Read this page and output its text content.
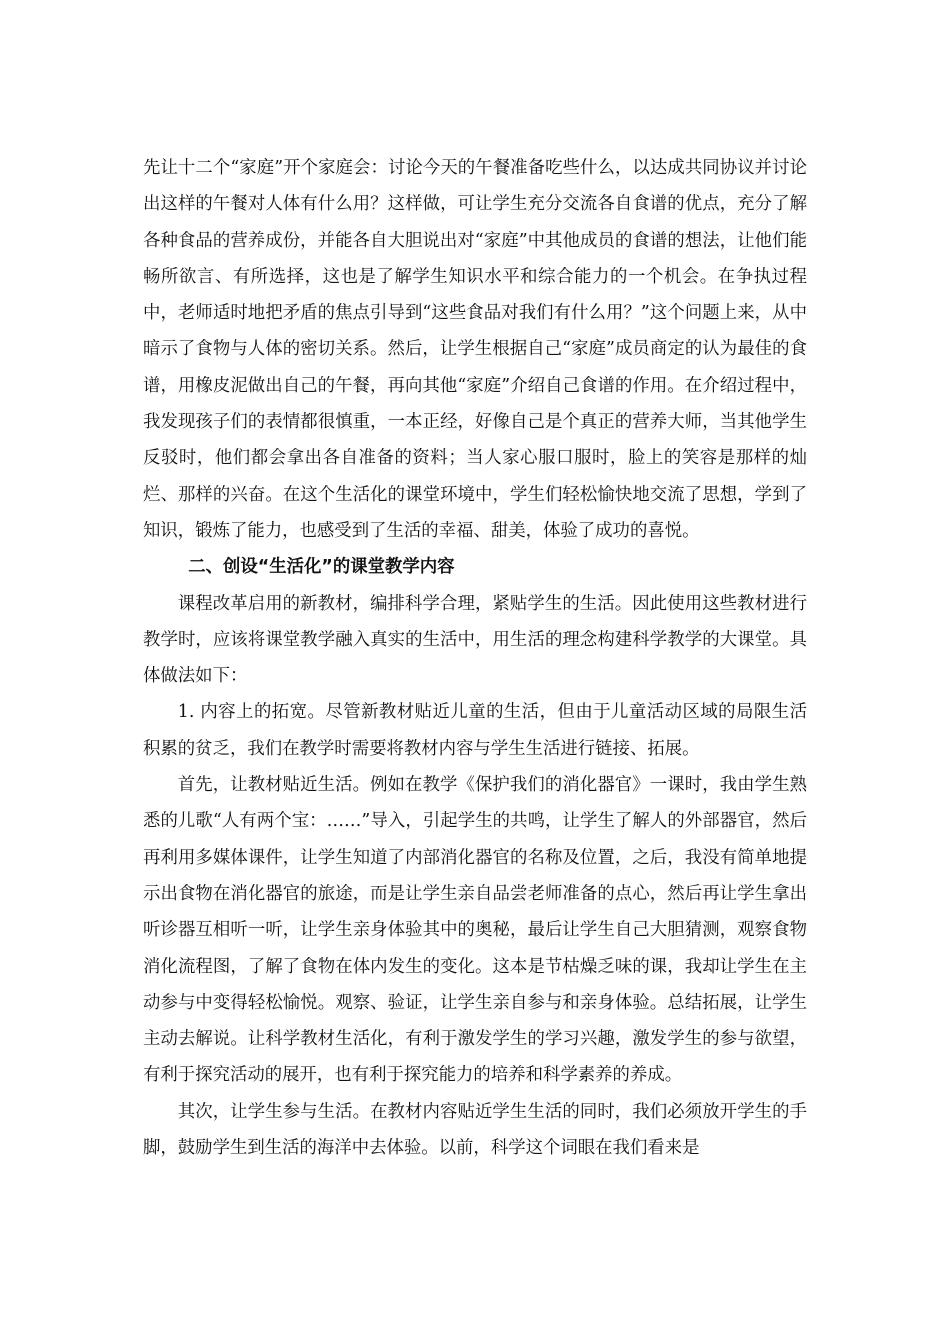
先让十二个“家庭”开个家庭会：讨论今天的午餐准备吃些什么，以达成共同协议并讨论出这样的午餐对人体有什么用？这样做，可让学生充分交流各自食谱的优点，充分了解各种食品的营养成份，并能各自大胆说出对“家庭”中其他成员的食谱的想法，让他们能畅所欲言、有所选择，这也是了解学生知识水平和综合能力的一个机会。在争执过程中，老师适时地把矛盾的焦点引导到“这些食品对我们有什么用？”这个问题上来，从中暗示了食物与人体的密切关系。然后，让学生根据自己“家庭”成员商定的认为最佳的食谱，用橡皮泥做出自己的午餐，再向其他“家庭”介绍自己食谱的作用。在介绍过程中，我发现孩子们的表情都很慎重，一本正经，好像自己是个真正的营养大师，当其他学生反驳时，他们都会拿出各自准备的资料；当人家心服口服时，脸上的笑容是那样的灿烂、那样的兴奋。在这个生活化的课堂环境中，学生们轻松愉快地交流了思想，学到了知识，锻炼了能力，也感受到了生活的幸福、甜美，体验了成功的喜悦。

二、创设“生活化”的课堂教学内容

课程改革启用的新教材，编排科学合理，紧贴学生的生活。因此使用这些教材进行教学时，应该将课堂教学融入真实的生活中，用生活的理念构建科学教学的大课堂。具体做法如下：

1. 内容上的拓宽。尽管新教材贴近儿童的生活，但由于儿童活动区域的局限生活积累的贫乏，我们在教学时需要将教材内容与学生生活进行链接、拓展。

首先，让教材贴近生活。例如在教学《保护我们的消化器官》一课时，我由学生熟悉的儿歌“人有两个宝：……”导入，引起学生的共鸣，让学生了解人的外部器官，然后再利用多媒体课件，让学生知道了内部消化器官的名称及位置，之后，我没有简单地提示出食物在消化器官的旅途，而是让学生亲自品尝老师准备的点心，然后再让学生拿出听诊器互相听一听，让学生亲身体验其中的奥秘，最后让学生自己大胆猜测，观察食物消化流程图，了解了食物在体内发生的变化。这本是节枯燥乏味的课，我却让学生在主动参与中变得轻松愉悦。观察、验证，让学生亲自参与和亲身体验。总结拓展，让学生主动去解说。让科学教材生活化，有利于激发学生的学习兴趣，激发学生的参与欲望，有利于探究活动的展开，也有利于探究能力的培养和科学素养的养成。

其次，让学生参与生活。在教材内容贴近学生生活的同时，我们必须放开学生的手脚，鼓励学生到生活的海洋中去体验。以前，科学这个词眼在我们看来是
